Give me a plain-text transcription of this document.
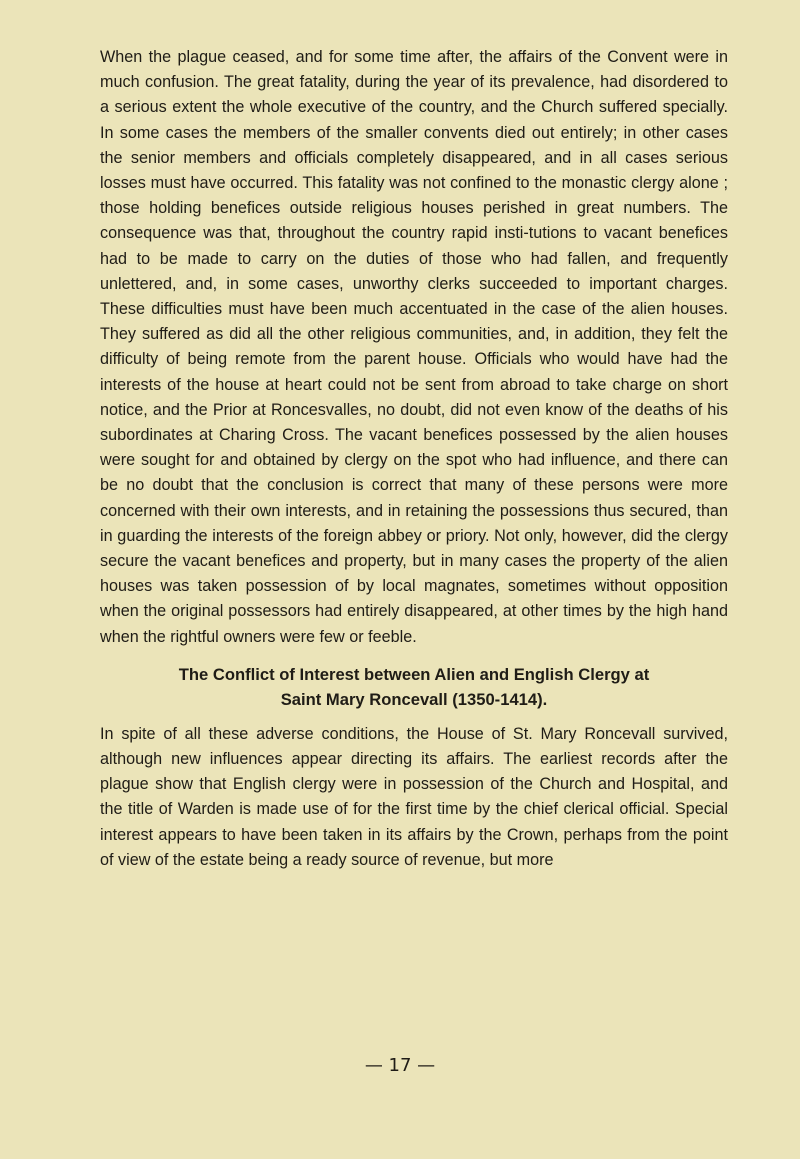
When the plague ceased, and for some time after, the affairs of the Convent were in much confusion. The great fatality, during the year of its prevalence, had disordered to a serious extent the whole executive of the country, and the Church suffered specially. In some cases the members of the smaller convents died out entirely; in other cases the senior members and officials completely disappeared, and in all cases serious losses must have occurred. This fatality was not confined to the monastic clergy alone ; those holding benefices outside religious houses perished in great numbers. The consequence was that, throughout the country rapid insti-tutions to vacant benefices had to be made to carry on the duties of those who had fallen, and frequently unlettered, and, in some cases, unworthy clerks succeeded to important charges. These difficulties must have been much accentuated in the case of the alien houses. They suffered as did all the other religious communities, and, in addition, they felt the difficulty of being remote from the parent house. Officials who would have had the interests of the house at heart could not be sent from abroad to take charge on short notice, and the Prior at Roncesvalles, no doubt, did not even know of the deaths of his subordinates at Charing Cross. The vacant benefices possessed by the alien houses were sought for and obtained by clergy on the spot who had influence, and there can be no doubt that the conclusion is correct that many of these persons were more concerned with their own interests, and in retaining the possessions thus secured, than in guarding the interests of the foreign abbey or priory. Not only, however, did the clergy secure the vacant benefices and property, but in many cases the property of the alien houses was taken possession of by local magnates, sometimes without opposition when the original possessors had entirely disappeared, at other times by the high hand when the rightful owners were few or feeble.

The Conflict of Interest between Alien and English Clergy at
Saint Mary Roncevall (1350-1414).

In spite of all these adverse conditions, the House of St. Mary Roncevall survived, although new influences appear directing its affairs. The earliest records after the plague show that English clergy were in possession of the Church and Hospital, and the title of Warden is made use of for the first time by the chief clerical official. Special interest appears to have been taken in its affairs by the Crown, perhaps from the point of view of the estate being a ready source of revenue, but more

— 17 —
